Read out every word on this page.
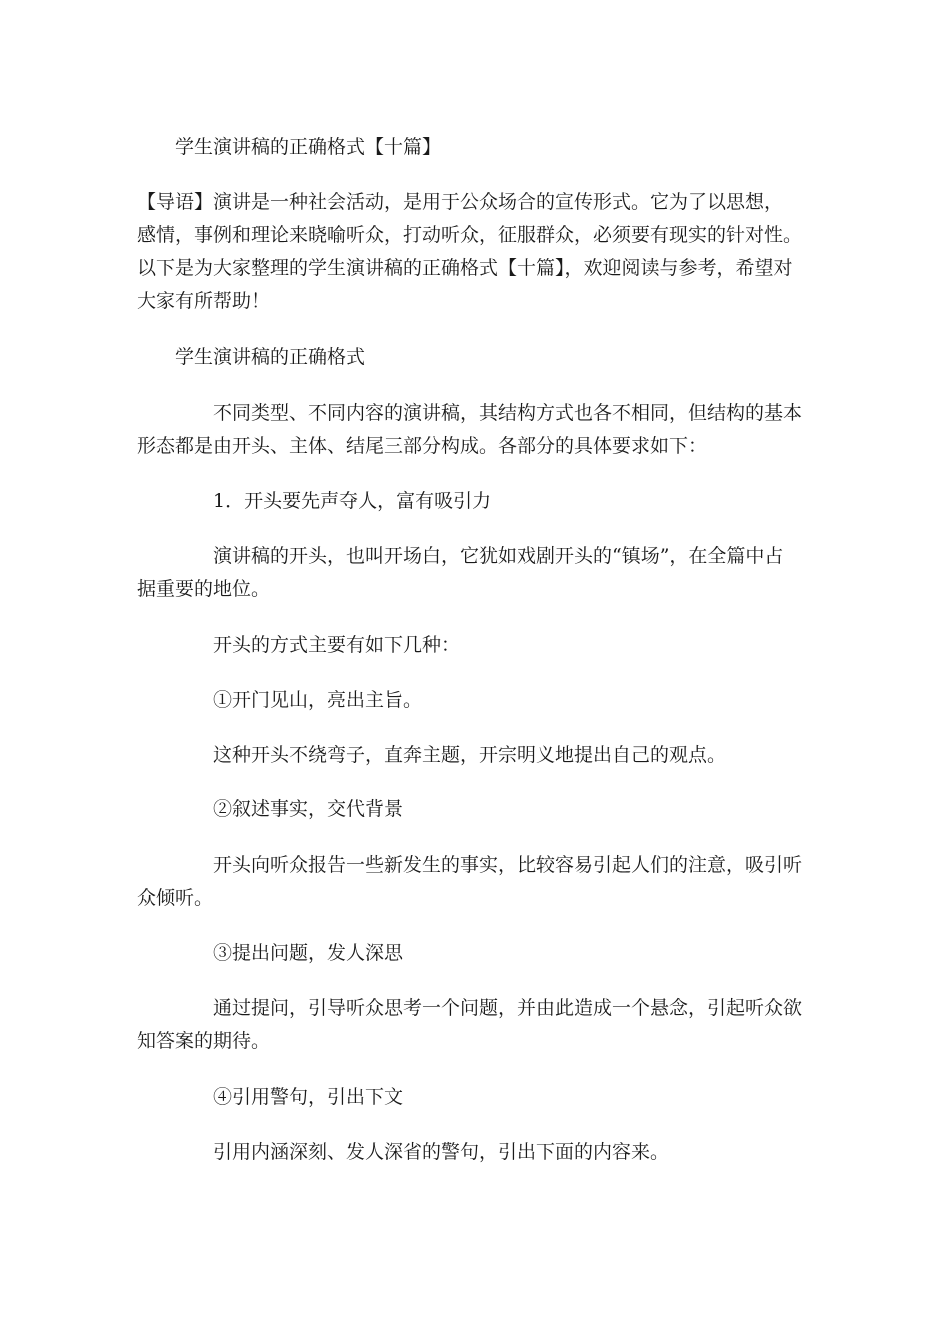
学生演讲稿的正确格式【十篇】

【导语】演讲是一种社会活动，是用于公众场合的宣传形式。它为了以思想，

感情，事例和理论来晓喻听众，打动听众，征服群众，必须要有现实的针对性。

以下是为大家整理的学生演讲稿的正确格式【十篇】，欢迎阅读与参考，希望对

大家有所帮助！

学生演讲稿的正确格式

不同类型、不同内容的演讲稿，其结构方式也各不相同，但结构的基本

形态都是由开头、主体、结尾三部分构成。各部分的具体要求如下：

1．开头要先声夺人，富有吸引力

演讲稿的开头，也叫开场白，它犹如戏剧开头的“镇场”，在全篇中占

据重要的地位。

开头的方式主要有如下几种：

①开门见山，亮出主旨。

这种开头不绕弯子，直奔主题，开宗明义地提出自己的观点。

②叙述事实，交代背景

开头向听众报告一些新发生的事实，比较容易引起人们的注意，吸引听

众倾听。

③提出问题，发人深思

通过提问，引导听众思考一个问题，并由此造成一个悬念，引起听众欲

知答案的期待。

④引用警句，引出下文

引用内涵深刻、发人深省的警句，引出下面的内容来。
